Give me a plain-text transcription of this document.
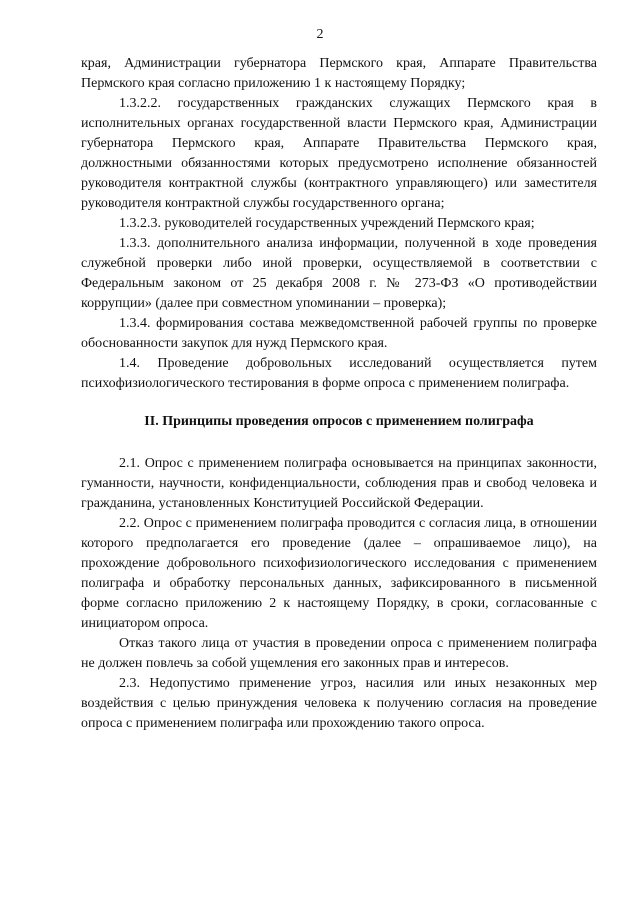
2

края, Администрации губернатора Пермского края, Аппарате Правительства Пермского края согласно приложению 1 к настоящему Порядку;

1.3.2.2. государственных гражданских служащих Пермского края в исполнительных органах государственной власти Пермского края, Администрации губернатора Пермского края, Аппарате Правительства Пермского края, должностными обязанностями которых предусмотрено исполнение обязанностей руководителя контрактной службы (контрактного управляющего) или заместителя руководителя контрактной службы государственного органа;

1.3.2.3. руководителей государственных учреждений Пермского края;

1.3.3. дополнительного анализа информации, полученной в ходе проведения служебной проверки либо иной проверки, осуществляемой в соответствии с Федеральным законом от 25 декабря 2008 г. № 273-ФЗ «О противодействии коррупции» (далее при совместном упоминании – проверка);

1.3.4. формирования состава межведомственной рабочей группы по проверке обоснованности закупок для нужд Пермского края.

1.4. Проведение добровольных исследований осуществляется путем психофизиологического тестирования в форме опроса с применением полиграфа.

II. Принципы проведения опросов с применением полиграфа

2.1. Опрос с применением полиграфа основывается на принципах законности, гуманности, научности, конфиденциальности, соблюдения прав и свобод человека и гражданина, установленных Конституцией Российской Федерации.

2.2. Опрос с применением полиграфа проводится с согласия лица, в отношении которого предполагается его проведение (далее – опрашиваемое лицо), на прохождение добровольного психофизиологического исследования с применением полиграфа и обработку персональных данных, зафиксированного в письменной форме согласно приложению 2 к настоящему Порядку, в сроки, согласованные с инициатором опроса.

Отказ такого лица от участия в проведении опроса с применением полиграфа не должен повлечь за собой ущемления его законных прав и интересов.

2.3. Недопустимо применение угроз, насилия или иных незаконных мер воздействия с целью принуждения человека к получению согласия на проведение опроса с применением полиграфа или прохождению такого опроса.
